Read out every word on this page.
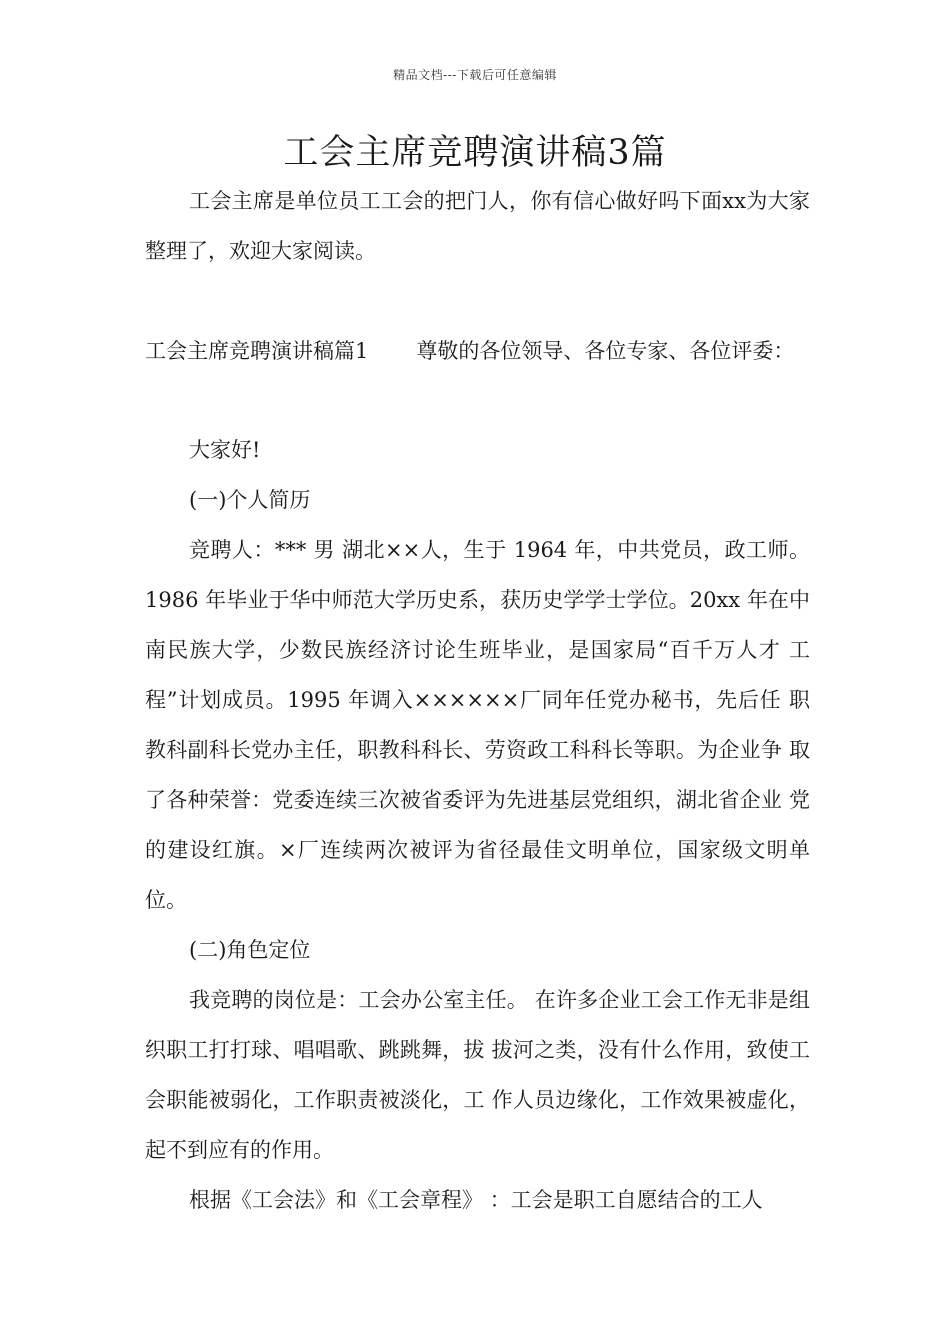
精品文档---下载后可任意编辑
工会主席竞聘演讲稿3篇

工会主席是单位员工工会的把门人，你有信心做好吗下面xx为大家整理了，欢迎大家阅读。

工会主席竞聘演讲稿篇1 尊敬的各位领导、各位专家、各位评委：

大家好!

(一)个人简历

竞聘人：*** 男 湖北××人，生于 1964 年，中共党员，政工师。 1986 年毕业于华中师范大学历史系，获历史学学士学位。20xx 年在中 南民族大学，少数民族经济讨论生班毕业，是国家局“百千万人才 工程”计划成员。1995 年调入××××××厂同年任党办秘书，先后任 职教科副科长党办主任，职教科科长、劳资政工科科长等职。为企业争 取了各种荣誉：党委连续三次被省委评为先进基层党组织，湖北省企业 党的建设红旗。×厂连续两次被评为省径最佳文明单位，国家级文明单 位。

(二)角色定位

我竞聘的岗位是：工会办公室主任。 在许多企业工会工作无非是组织职工打打球、唱唱歌、跳跳舞，拔 拔河之类，没有什么作用，致使工会职能被弱化，工作职责被淡化，工 作人员边缘化，工作效果被虚化，起不到应有的作用。

根据《工会法》和《工会章程》 ：工会是职工自愿结合的工人
